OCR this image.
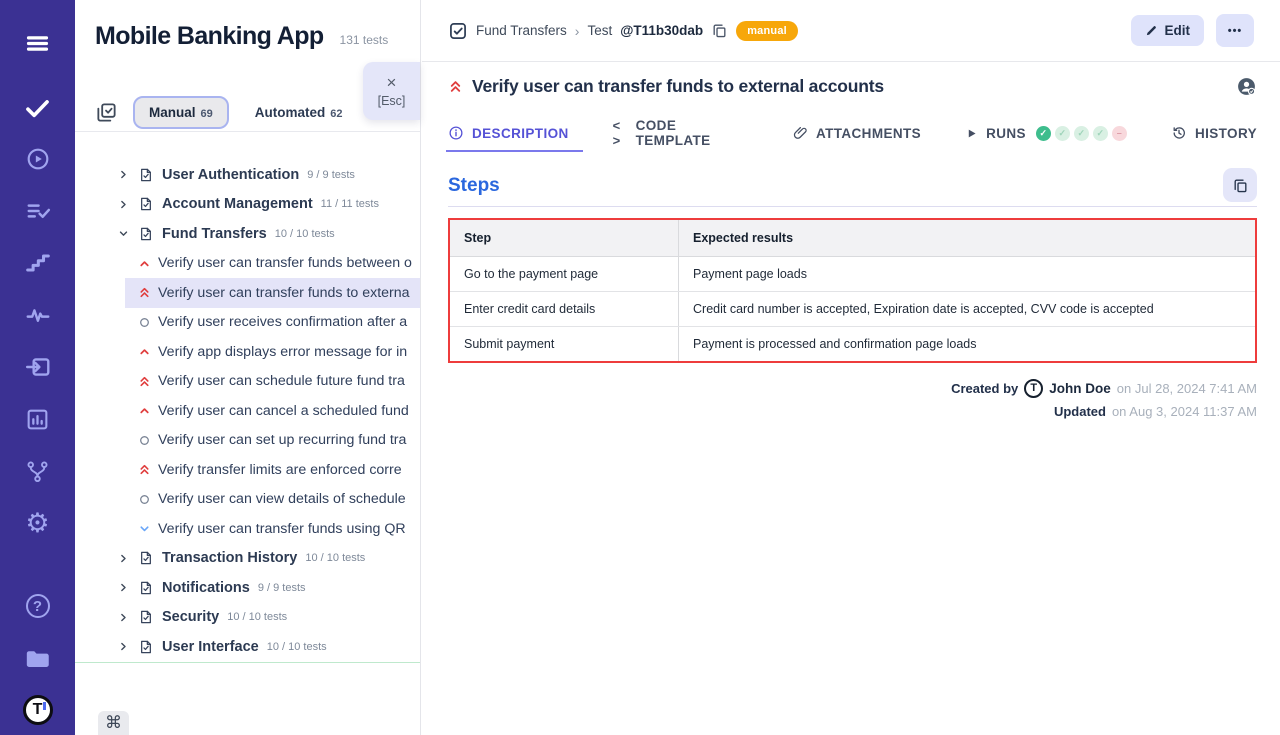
⚙
?
T
Mobile Banking App 131 tests
Manual 69	Automated 62
×
[Esc]
User Authentication 9 / 9 tests
Account Management 11 / 11 tests
Fund Transfers 10 / 10 tests
Verify user can transfer funds between o
Verify user can transfer funds to externa
Verify user receives confirmation after a
Verify app displays error message for in
Verify user can schedule future fund tra
Verify user can cancel a scheduled fund
Verify user can set up recurring fund tra
Verify transfer limits are enforced corre
Verify user can view details of schedule
Verify user can transfer funds using QR
Transaction History 10 / 10 tests
Notifications 9 / 9 tests
Security 10 / 10 tests
User Interface 10 / 10 tests
⌘
Fund Transfers › Test @T11b30dab	manual	Edit	•••
Verify user can transfer funds to external accounts
DESCRIPTION	< >
CODE TEMPLATE	ATTACHMENTS	RUNS ✓ ✓ ✓ ✓ –	HISTORY
Steps
Step	Expected results
Go to the payment page	Payment page loads
Enter credit card details	Credit card number is accepted, Expiration date is accepted, CVV code is accepted
Submit payment	Payment is processed and confirmation page loads
Created by	T John Doe on Jul 28, 2024 7:41 AM
Updated on Aug 3, 2024 11:37 AM
